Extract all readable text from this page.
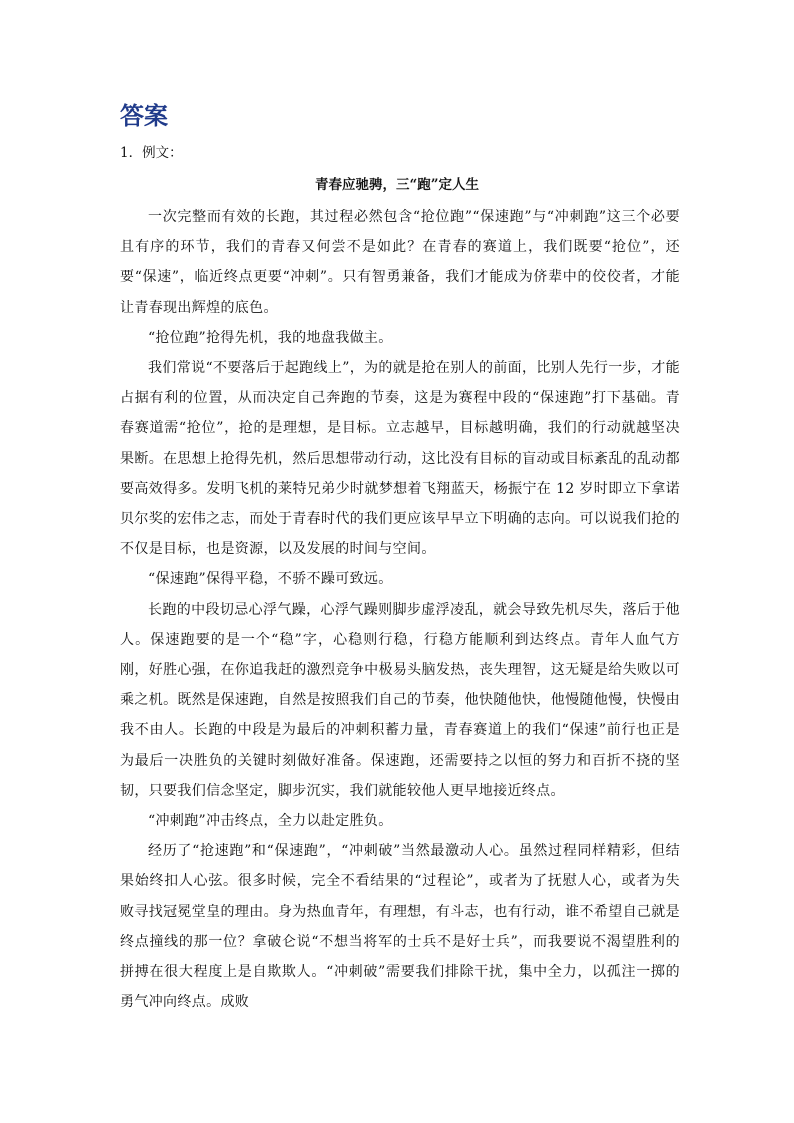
答案
1．例文：
青春应驰骋，三“跑”定人生

一次完整而有效的长跑，其过程必然包含“抢位跑”“保速跑”与“冲刺跑”这三个必要且有序的环节，我们的青春又何尝不是如此？在青春的赛道上，我们既要“抢位”，还要“保速”，临近终点更要“冲刺”。只有智勇兼备，我们才能成为侪辈中的佼佼者，才能让青春现出辉煌的底色。

“抢位跑”抢得先机，我的地盘我做主。

我们常说“不要落后于起跑线上”，为的就是抢在别人的前面，比别人先行一步，才能占据有利的位置，从而决定自己奔跑的节奏，这是为赛程中段的“保速跑”打下基础。青春赛道需“抢位”，抢的是理想，是目标。立志越早，目标越明确，我们的行动就越坚决果断。在思想上抢得先机，然后思想带动行动，这比没有目标的盲动或目标紊乱的乱动都要高效得多。发明飞机的莱特兄弟少时就梦想着飞翔蓝天，杨振宁在 12 岁时即立下拿诺贝尔奖的宏伟之志，而处于青春时代的我们更应该早早立下明确的志向。可以说我们抢的不仅是目标，也是资源，以及发展的时间与空间。

“保速跑”保得平稳，不骄不躁可致远。

长跑的中段切忌心浮气躁，心浮气躁则脚步虚浮凌乱，就会导致先机尽失，落后于他人。保速跑要的是一个“稳”字，心稳则行稳，行稳方能顺利到达终点。青年人血气方刚，好胜心强，在你追我赶的激烈竞争中极易头脑发热，丧失理智，这无疑是给失败以可乘之机。既然是保速跑，自然是按照我们自己的节奏，他快随他快，他慢随他慢，快慢由我不由人。长跑的中段是为最后的冲刺积蓄力量，青春赛道上的我们“保速”前行也正是为最后一决胜负的关键时刻做好准备。保速跑，还需要持之以恒的努力和百折不挠的坚韧，只要我们信念坚定，脚步沉实，我们就能较他人更早地接近终点。

“冲刺跑”冲击终点，全力以赴定胜负。

经历了“抢速跑”和“保速跑”，“冲刺破”当然最激动人心。虽然过程同样精彩，但结果始终扣人心弦。很多时候，完全不看结果的“过程论”，或者为了抚慰人心，或者为失败寻找冠冕堂皇的理由。身为热血青年，有理想，有斗志，也有行动，谁不希望自己就是终点撞线的那一位？拿破仑说“不想当将军的士兵不是好士兵”，而我要说不渴望胜利的拼搏在很大程度上是自欺欺人。“冲刺破”需要我们排除干扰，集中全力，以孤注一掷的勇气冲向终点。成败
